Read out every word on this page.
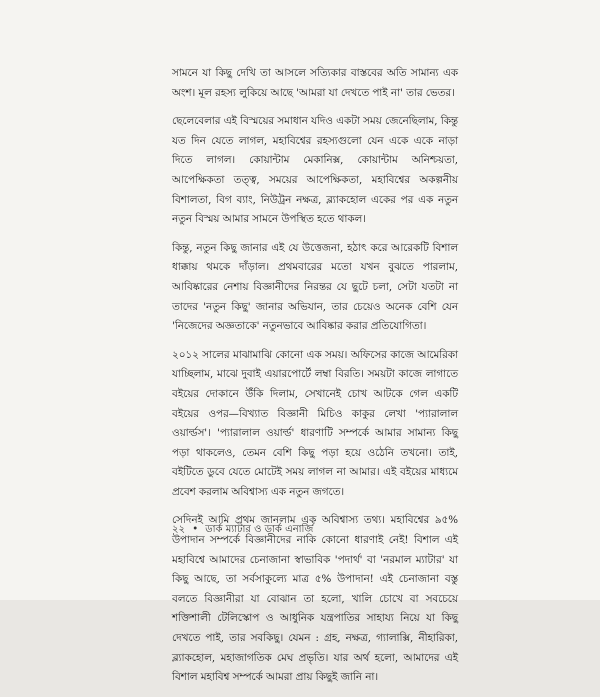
সামনে যা কিছু দেখি তা আসলে সত্যিকার বাস্তবের অতি সামান্য এক অংশ। মূল রহস্য লুকিয়ে আছে 'আমরা যা দেখতে পাই না' তার ভেতর।

ছেলেবেলার এই বিস্ময়ের সমাধান যদিও একটা সময় জেনেছিলাম, কিন্তু যত দিন যেতে লাগল, মহাবিশ্বের রহস্যগুলো যেন একে একে নাড়া দিতে লাগল। কোয়ান্টাম মেকানিক্স, কোয়ান্টাম অনিশ্চয়তা, আপেক্ষিকতা তত্ত্ব, সময়ের আপেক্ষিকতা, মহাবিশ্বের অকল্পনীয় বিশালতা, বিগ ব্যাং, নিউট্রন নক্ষত্র, ব্ল্যাকহোল একের পর এক নতুন নতুন বিস্ময় আমার সামনে উপস্থিত হতে থাকল।

কিন্তু, নতুন কিছু জানার এই যে উত্তেজনা, হঠাৎ করে আরেকটি বিশাল ধাক্কায় থমকে দাঁড়াল। প্রথমবারের মতো যখন বুঝতে পারলাম, আবিষ্কারের নেশায় বিজ্ঞানীদের নিরন্তর যে ছুটে চলা, সেটা যতটা না তাদের 'নতুন কিছু' জানার অভিযান, তার চেয়েও অনেক বেশি যেন 'নিজেদের অজ্ঞতাকে' নতুনভাবে আবিষ্কার করার প্রতিযোগিতা।

২০১২ সালের মাঝামাঝি কোনো এক সময়। অফিসের কাজে আমেরিকা যাচ্ছিলাম, মাঝে দুবাই এয়ারপোর্টে লম্বা বিরতি। সময়টা কাজে লাগাতে বইয়ের দোকানে উঁকি দিলাম, সেখানেই চোখ আটকে গেল একটি বইয়ের ওপর—বিখ্যাত বিজ্ঞানী মিচিও কাকুর লেখা 'প্যারালাল ওয়ার্ল্ডস'। 'প্যারালাল ওয়ার্ল্ড' ধারণাটি সম্পর্কে আমার সামান্য কিছু পড়া থাকলেও, তেমন বেশি কিছু পড়া হয়ে ওঠেনি তখনো। তাই, বইটিতে ডুবে যেতে মোটেই সময় লাগল না আমার। এই বইয়ের মাধ্যমে প্রবেশ করলাম অবিশ্বাস্য এক নতুন জগতে।

সেদিনই আমি প্রথম জানলাম এক অবিশ্বাস্য তথ্য। মহাবিশ্বের ৯৫% উপাদান সম্পর্কে বিজ্ঞানীদের নাকি কোনো ধারণাই নেই! বিশাল এই মহাবিশ্বে আমাদের চেনাজানা স্বাভাবিক 'পদার্থ' বা 'নরমাল ম্যাটার' যা কিছু আছে, তা সর্বসাকুল্যে মাত্র ৫% উপাদান! এই চেনাজানা বস্তু বলতে বিজ্ঞানীরা যা বোঝান তা হলো, খালি চোখে বা সবচেয়ে শক্তিশালী টেলিস্কোপ ও আধুনিক যন্ত্রপাতির সাহায্য নিয়ে যা কিছু দেখতে পাই, তার সবকিছু। যেমন : গ্রহ, নক্ষত্র, গ্যালাক্সি, নীহারিকা, ব্ল্যাকহোল, মহাজাগতিক মেঘ প্রভৃতি। যার অর্থ হলো, আমাদের এই বিশাল মহাবিশ্ব সম্পর্কে আমরা প্রায় কিছুই জানি না।

২২ • ডার্ক ম্যাটার ও ডার্ক এনার্জি
